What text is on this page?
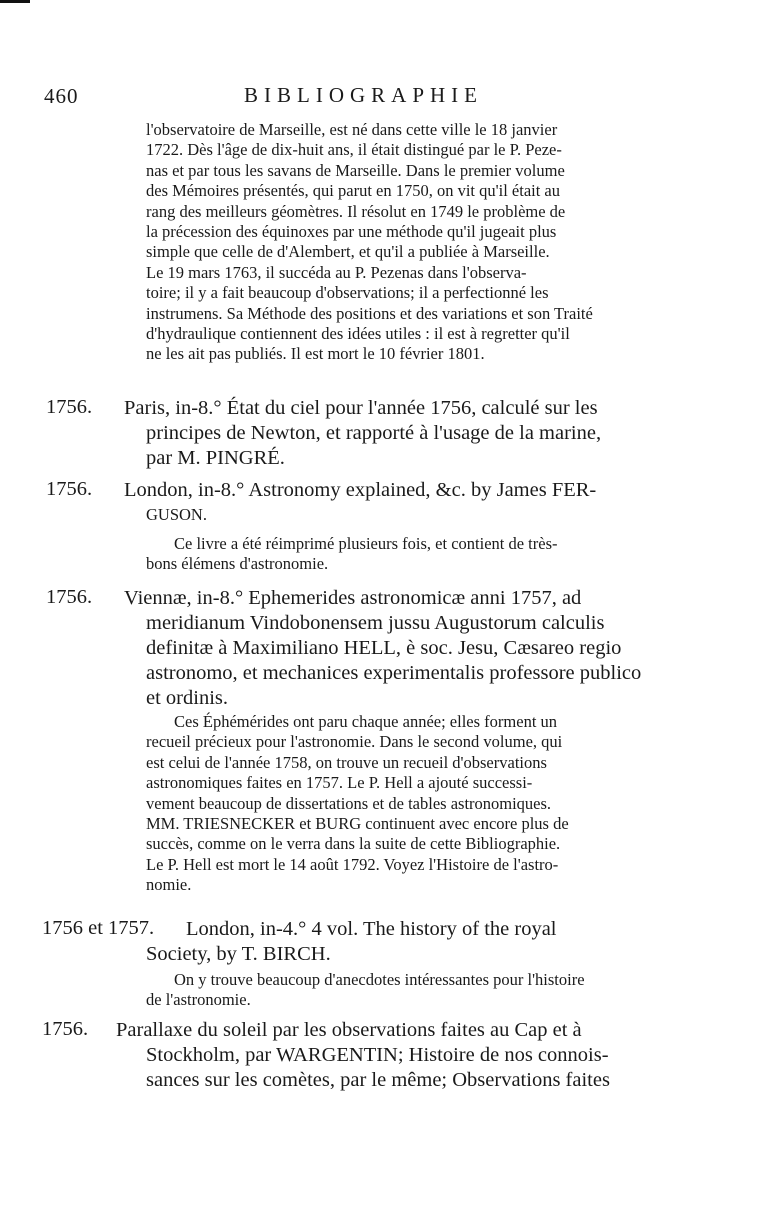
460	BIBLIOGRAPHIE
l'observatoire de Marseille, est né dans cette ville le 18 janvier
1722. Dès l'âge de dix-huit ans, il était distingué par le P. Peze-
nas et par tous les savans de Marseille. Dans le premier volume
des Mémoires présentés, qui parut en 1750, on vit qu'il était au
rang des meilleurs géomètres. Il résolut en 1749 le problème de
la précession des équinoxes par une méthode qu'il jugeait plus
simple que celle de d'Alembert, et qu'il a publiée à Marseille.
Le 19 mars 1763, il succéda au P. Pezenas dans l'observa-
toire; il y a fait beaucoup d'observations; il a perfectionné les
instrumens. Sa Méthode des positions et des variations et son Traité
d'hydraulique contiennent des idées utiles : il est à regretter qu'il
ne les ait pas publiés. Il est mort le 10 février 1801.
1756. Paris, in-8.° État du ciel pour l'année 1756, calculé sur les
principes de Newton, et rapporté à l'usage de la marine,
par M. PINGRÉ.
1756. London, in-8.° Astronomy explained, &c. by James FER-
GUSON.
Ce livre a été réimprimé plusieurs fois, et contient de très-
bons élémens d'astronomie.
1756. Viennæ, in-8.° Ephemerides astronomicæ anni 1757, ad
meridianum Vindobonensem jussu Augustorum calculis
definitæ à Maximiliano HELL, è soc. Jesu, Cæsareo regio
astronomo, et mechanices experimentalis professore publico
et ordinis.
Ces Éphémérides ont paru chaque année; elles forment un
recueil précieux pour l'astronomie. Dans le second volume, qui
est celui de l'année 1758, on trouve un recueil d'observations
astronomiques faites en 1757. Le P. Hell a ajouté successi-
vement beaucoup de dissertations et de tables astronomiques.
MM. TRIESNECKER et BURG continuent avec encore plus de
succès, comme on le verra dans la suite de cette Bibliographie.
Le P. Hell est mort le 14 août 1792. Voyez l'Histoire de l'astro-
nomie.
1756 et 1757. London, in-4.° 4 vol. The history of the royal
Society, by T. BIRCH.
On y trouve beaucoup d'anecdotes intéressantes pour l'histoire
de l'astronomie.
1756. Parallaxe du soleil par les observations faites au Cap et à
Stockholm, par WARGENTIN; Histoire de nos connois-
sances sur les comètes, par le même; Observations faites
